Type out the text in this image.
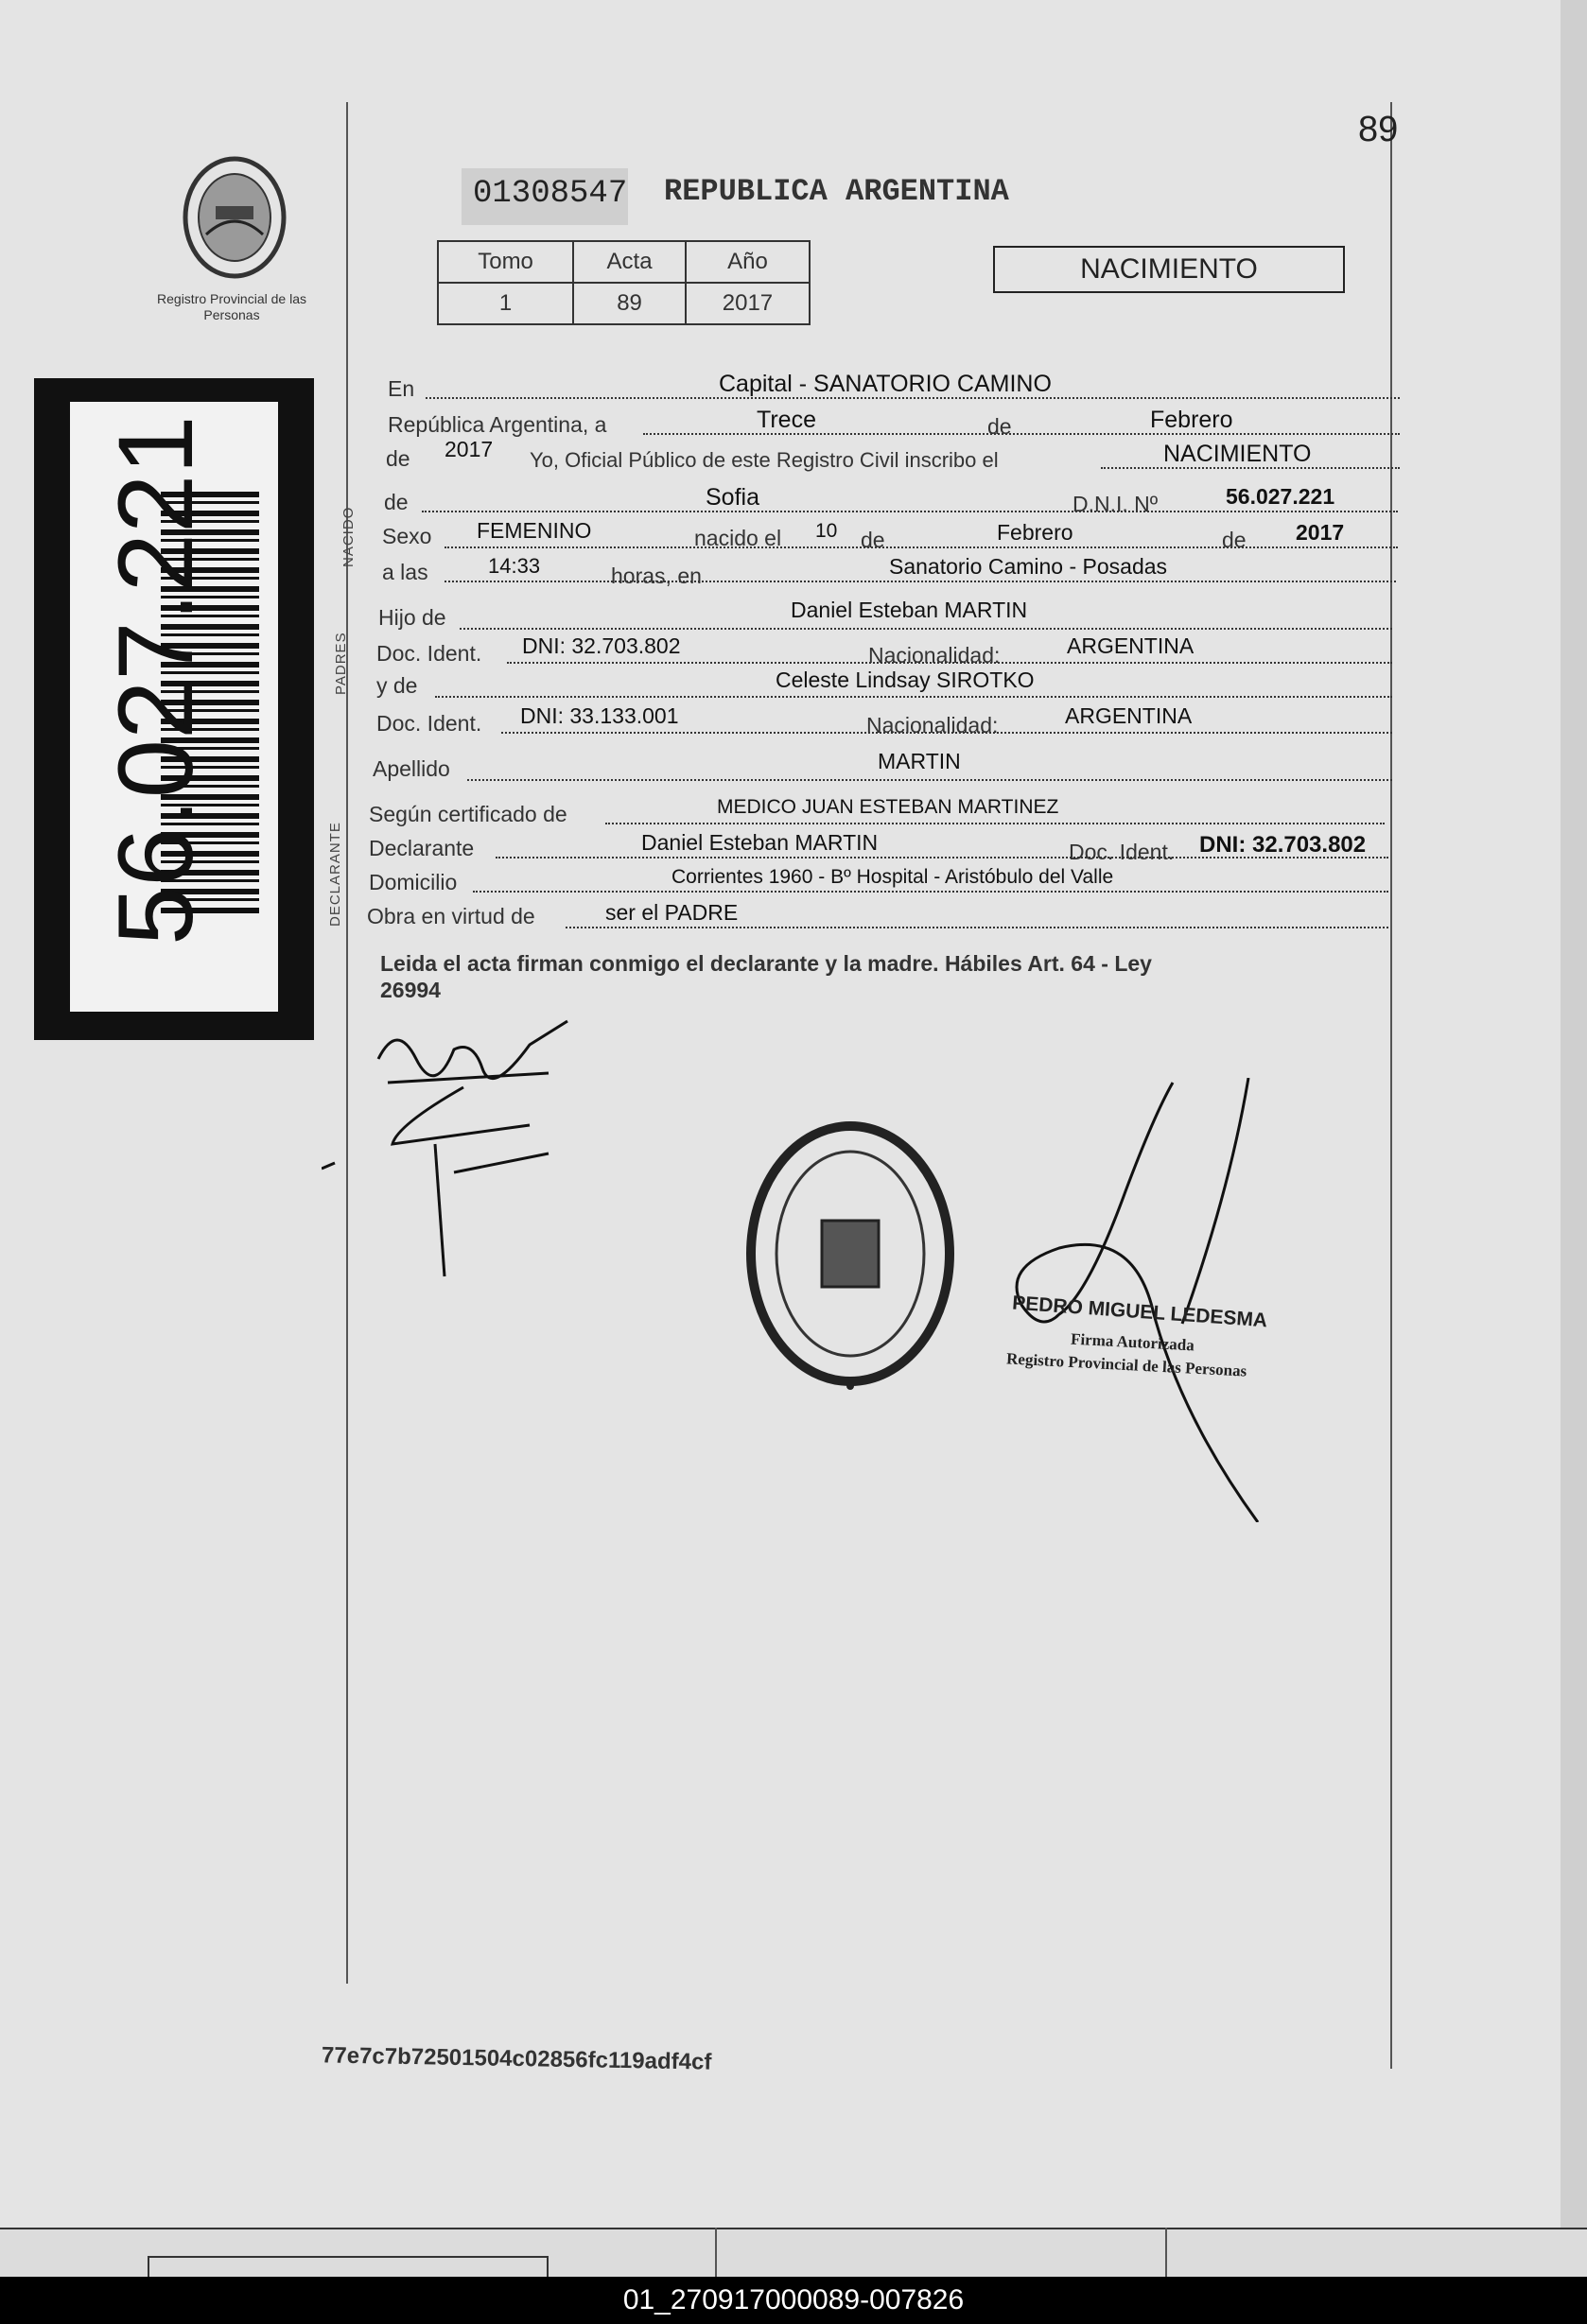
89
Registro Provincial de las Personas
01308547 REPUBLICA ARGENTINA
Tomo	Acta	Año
1	89	2017
NACIMIENTO
56.027.221	NACIDO
PADRES
DECLARANTE
En	Capital - SANATORIO CAMINO
República Argentina, a	Trece	de	Febrero
de 2017 Yo, Oficial Público de este Registro Civil inscribo el	NACIMIENTO
de	Sofia	D.N.I. Nº	56.027.221
Sexo FEMENINO	nacido el 10 de	Febrero	de 2017
a las	14:33	horas, en	Sanatorio Camino - Posadas
Hijo de	Daniel Esteban MARTIN
Doc. Ident. DNI: 32.703.802	Nacionalidad:	ARGENTINA
y de	Celeste Lindsay SIROTKO
Doc. Ident. DNI: 33.133.001	Nacionalidad:	ARGENTINA
Apellido	MARTIN
Según certificado de	MEDICO JUAN ESTEBAN MARTINEZ
Declarante	Daniel Esteban MARTIN	Doc. Ident. DNI: 32.703.802
Domicilio	Corrientes 1960 - Bº Hospital - Aristóbulo del Valle
Obra en virtud de	ser el PADRE
Leida el acta firman conmigo el declarante y la madre. Hábiles Art. 64 - Ley
26994
PEDRO MIGUEL LEDESMA
Firma Autorizada
Registro Provincial de las Personas
77e7c7b72501504c02856fc119adf4cf
01_270917000089-007826
